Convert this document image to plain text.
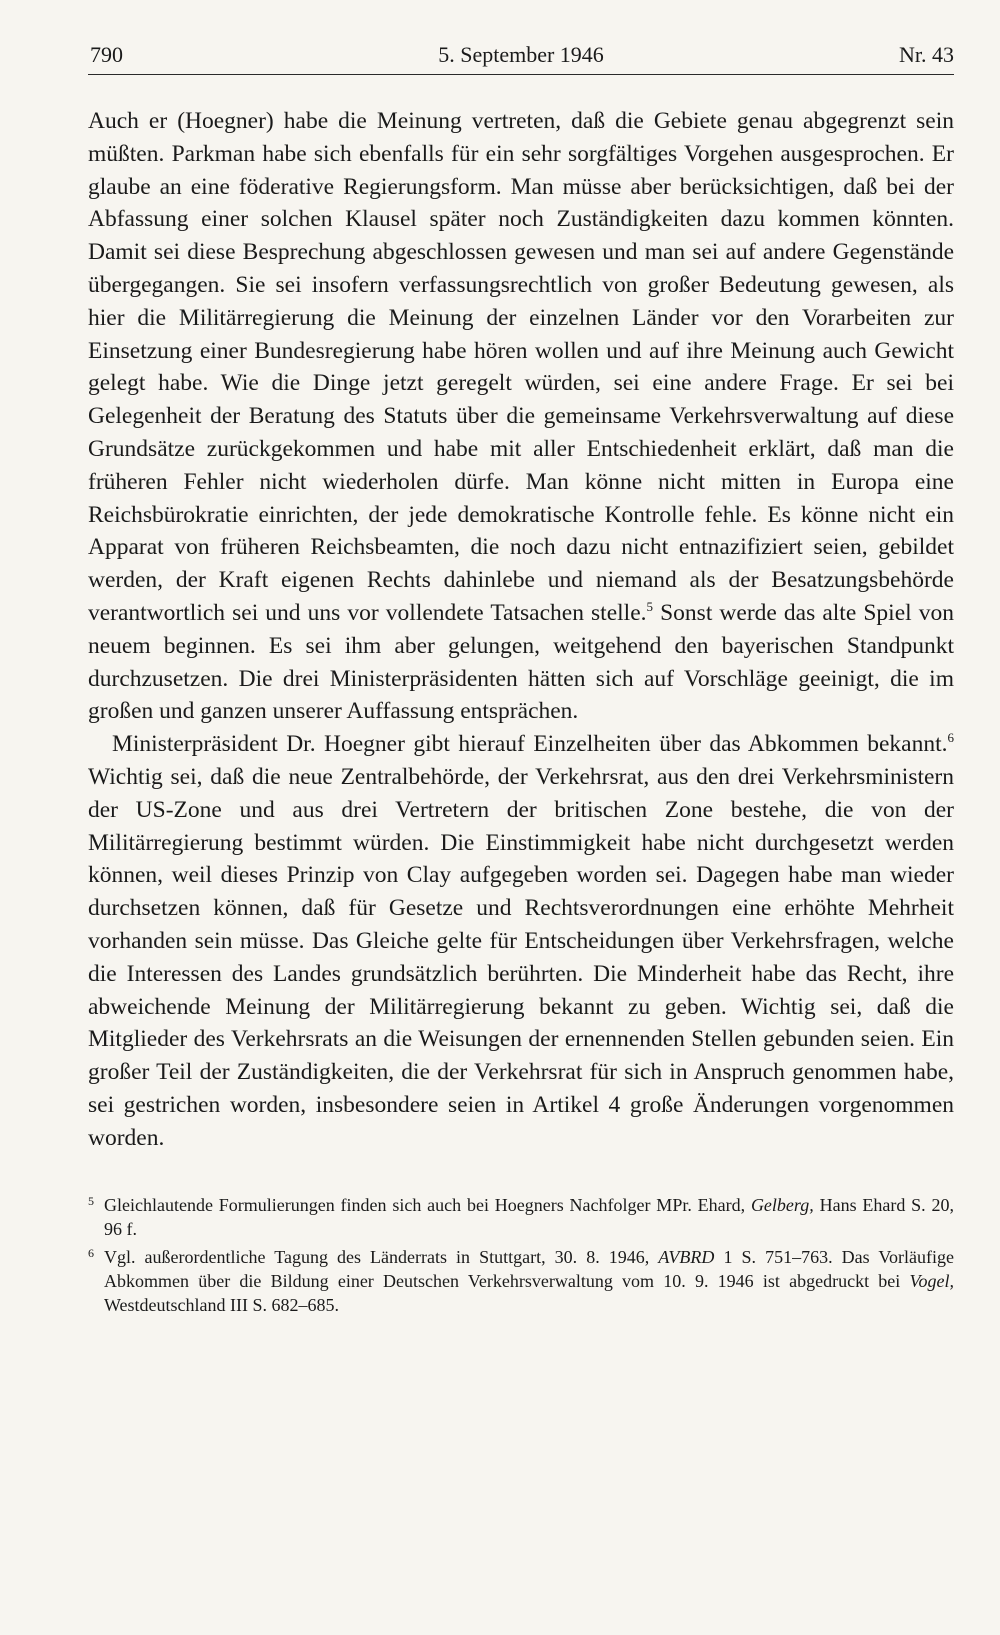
790	5. September 1946	Nr. 43

Auch er (Hoegner) habe die Meinung vertreten, daß die Gebiete genau abgegrenzt sein müßten. Parkman habe sich ebenfalls für ein sehr sorgfältiges Vorgehen ausgesprochen. Er glaube an eine föderative Regierungsform. Man müsse aber berücksichtigen, daß bei der Abfassung einer solchen Klausel später noch Zuständigkeiten dazu kommen könnten. Damit sei diese Besprechung abgeschlossen gewesen und man sei auf andere Gegenstände übergegangen. Sie sei insofern verfassungsrechtlich von großer Bedeutung gewesen, als hier die Militärregierung die Meinung der einzelnen Länder vor den Vorarbeiten zur Einsetzung einer Bundesregierung habe hören wollen und auf ihre Meinung auch Gewicht gelegt habe. Wie die Dinge jetzt geregelt würden, sei eine andere Frage. Er sei bei Gelegenheit der Beratung des Statuts über die gemeinsame Verkehrsverwaltung auf diese Grundsätze zurückgekommen und habe mit aller Entschiedenheit erklärt, daß man die früheren Fehler nicht wiederholen dürfe. Man könne nicht mitten in Europa eine Reichsbürokratie einrichten, der jede demokratische Kontrolle fehle. Es könne nicht ein Apparat von früheren Reichsbeamten, die noch dazu nicht entnazifiziert seien, gebildet werden, der Kraft eigenen Rechts dahinlebe und niemand als der Besatzungsbehörde verantwortlich sei und uns vor vollendete Tatsachen stelle.$^5$ Sonst werde das alte Spiel von neuem beginnen. Es sei ihm aber gelungen, weitgehend den bayerischen Standpunkt durchzusetzen. Die drei Ministerpräsidenten hätten sich auf Vorschläge geeinigt, die im großen und ganzen unserer Auffassung entsprächen.

Ministerpräsident Dr. Hoegner gibt hierauf Einzelheiten über das Abkommen bekannt.$^6$ Wichtig sei, daß die neue Zentralbehörde, der Verkehrsrat, aus den drei Verkehrsministern der US-Zone und aus drei Vertretern der britischen Zone bestehe, die von der Militärregierung bestimmt würden. Die Einstimmigkeit habe nicht durchgesetzt werden können, weil dieses Prinzip von Clay aufgegeben worden sei. Dagegen habe man wieder durchsetzen können, daß für Gesetze und Rechtsverordnungen eine erhöhte Mehrheit vorhanden sein müsse. Das Gleiche gelte für Entscheidungen über Verkehrsfragen, welche die Interessen des Landes grundsätzlich berührten. Die Minderheit habe das Recht, ihre abweichende Meinung der Militärregierung bekannt zu geben. Wichtig sei, daß die Mitglieder des Verkehrsrats an die Weisungen der ernennenden Stellen gebunden seien. Ein großer Teil der Zuständigkeiten, die der Verkehrsrat für sich in Anspruch genommen habe, sei gestrichen worden, insbesondere seien in Artikel 4 große Änderungen vorgenommen worden.

5 Gleichlautende Formulierungen finden sich auch bei Hoegners Nachfolger MPr. Ehard, Gelberg, Hans Ehard S. 20, 96 f.
6 Vgl. außerordentliche Tagung des Länderrats in Stuttgart, 30. 8. 1946, AVBRD 1 S. 751–763. Das Vorläufige Abkommen über die Bildung einer Deutschen Verkehrsverwaltung vom 10. 9. 1946 ist abgedruckt bei Vogel, Westdeutschland III S. 682–685.
